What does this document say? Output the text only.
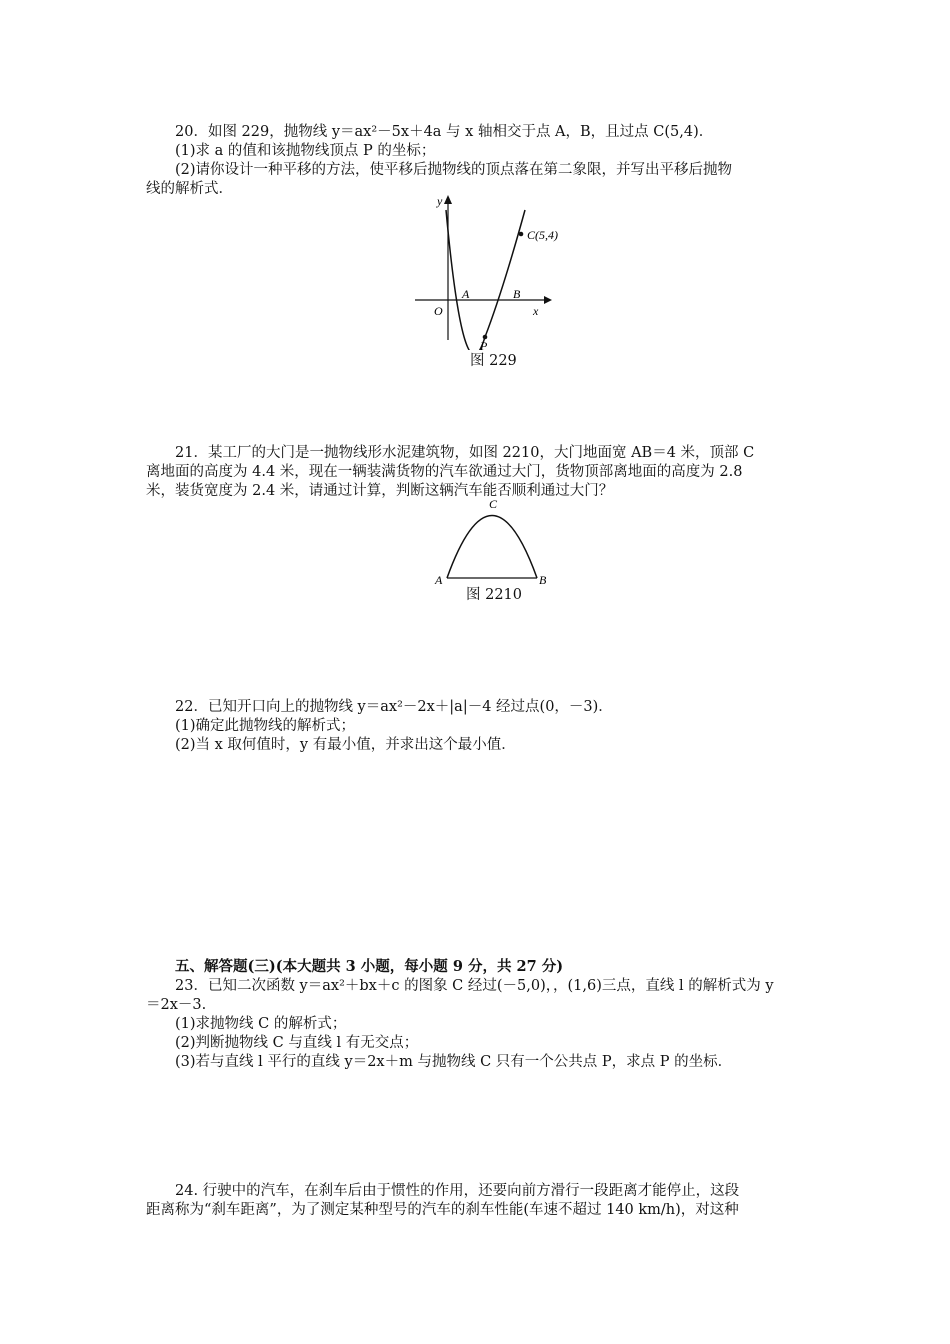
20．如图 229，抛物线 y＝ax²－5x＋4a 与 x 轴相交于点 A，B，且过点 C(5,4)．
(1)求 a 的值和该抛物线顶点 P 的坐标；
(2)请你设计一种平移的方法，使平移后抛物线的顶点落在第二象限，并写出平移后抛物
线的解析式．
y
x
O
A	B
P
C(5,4)
图 229
21．某工厂的大门是一抛物线形水泥建筑物，如图 2210，大门地面宽 AB＝4 米，顶部 C
离地面的高度为 4.4 米，现在一辆装满货物的汽车欲通过大门，货物顶部离地面的高度为 2.8
米，装货宽度为 2.4 米，请通过计算，判断这辆汽车能否顺利通过大门？
A	B
C
图 2210
22．已知开口向上的抛物线 y＝ax²－2x＋|a|－4 经过点(0，－3)．
(1)确定此抛物线的解析式；
(2)当 x 取何值时，y 有最小值，并求出这个最小值．
五、解答题(三)(本大题共 3 小题，每小题 9 分，共 27 分)
23．已知二次函数 y＝ax²＋bx＋c 的图象 C 经过(－5,0)，，(1,6)三点，直线 l 的解析式为 y
＝2x－3.
(1)求抛物线 C 的解析式；
(2)判断抛物线 C 与直线 l 有无交点；
(3)若与直线 l 平行的直线 y＝2x＋m 与抛物线 C 只有一个公共点 P，求点 P 的坐标．
24. 行驶中的汽车，在刹车后由于惯性的作用，还要向前方滑行一段距离才能停止，这段
距离称为“刹车距离”，为了测定某种型号的汽车的刹车性能(车速不超过 140 km/h)，对这种
